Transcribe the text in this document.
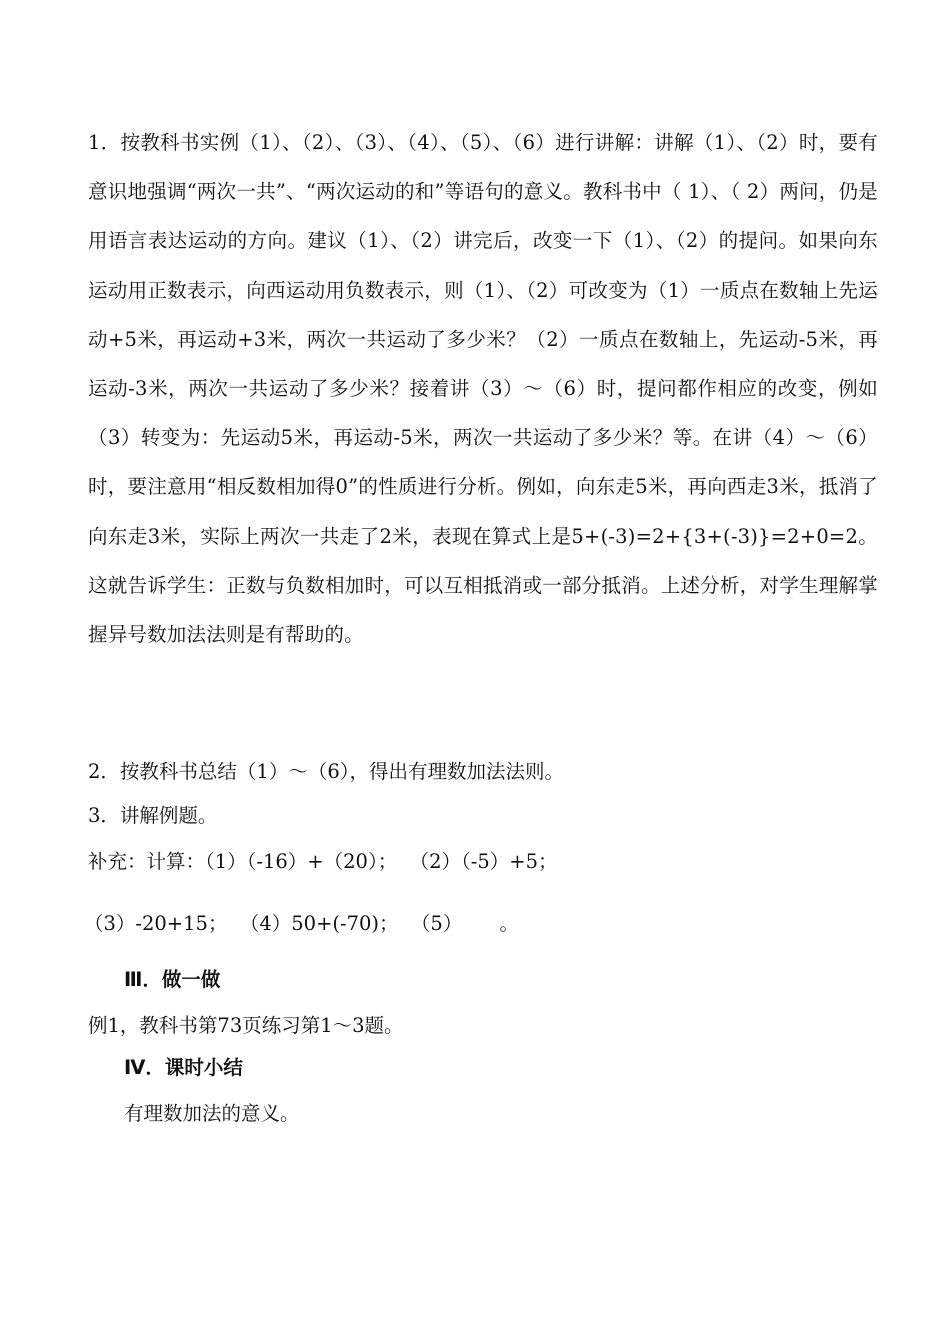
1．按教科书实例（1）、（2）、（3）、（4）、（5）、（6）进行讲解：讲解（1）、（2）时，要有意识地强调“两次一共”、“两次运动的和”等语句的意义。教科书中（ 1）、（ 2）两问，仍是用语言表达运动的方向。建议（1）、（2）讲完后，改变一下（1）、（2）的提问。如果向东运动用正数表示，向西运动用负数表示，则（1）、（2）可改变为（1）一质点在数轴上先运动+5米，再运动+3米，两次一共运动了多少米？（2）一质点在数轴上，先运动-5米，再运动-3米，两次一共运动了多少米？接着讲（3）～（6）时，提问都作相应的改变，例如（3）转变为：先运动5米，再运动-5米，两次一共运动了多少米？等。在讲（4）～（6）时，要注意用“相反数相加得0”的性质进行分析。例如，向东走5米，再向西走3米，抵消了向东走3米，实际上两次一共走了2米，表现在算式上是5+(-3)=2+{3+(-3)}=2+0=2。这就告诉学生：正数与负数相加时，可以互相抵消或一部分抵消。上述分析，对学生理解掌握异号数加法法则是有帮助的。

2．按教科书总结（1）～（6），得出有理数加法法则。

3．讲解例题。

补充：计算：（1）（-16）+（20）；  （2）（-5）+5；

（3）-20+15；  （4）50+(-70)；  （5）      。

Ⅲ．做一做

例1，教科书第73页练习第1～3题。

Ⅳ．课时小结

有理数加法的意义。
